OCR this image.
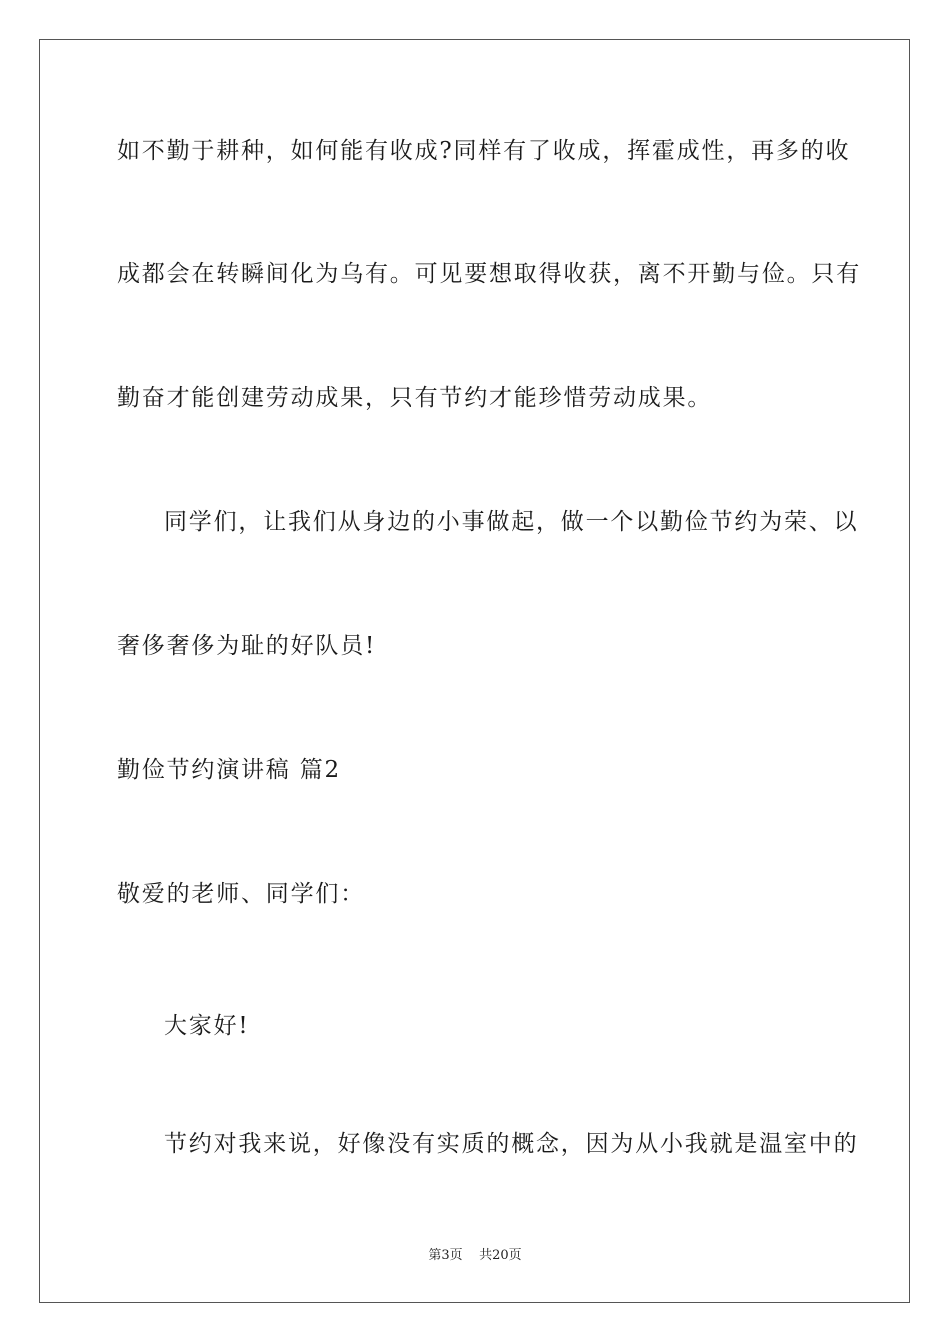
如不勤于耕种，如何能有收成?同样有了收成，挥霍成性，再多的收
成都会在转瞬间化为乌有。可见要想取得收获，离不开勤与俭。只有
勤奋才能创建劳动成果，只有节约才能珍惜劳动成果。
同学们，让我们从身边的小事做起，做一个以勤俭节约为荣、以
奢侈奢侈为耻的好队员!
勤俭节约演讲稿 篇2
敬爱的老师、同学们：
大家好!
节约对我来说，好像没有实质的概念，因为从小我就是温室中的
第3页    共20页
